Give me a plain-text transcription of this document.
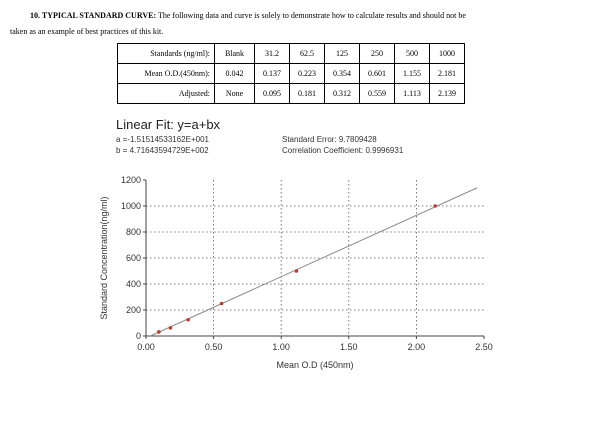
10. TYPICAL STANDARD CURVE: The following data and curve is solely to demonstrate how to calculate results and should not be
taken as an example of best practices of this kit.
Standards (ng/ml):	Blank	31.2	62.5	125	250	500	1000
Mean O.D.(450nm):	0.042	0.137	0.223	0.354	0.601	1.155	2.181
Adjusted:	None	0.095	0.181	0.312	0.559	1.113	2.139
Linear Fit: y=a+bx
a =-1.51514533162E+001
b = 4.71643594729E+002
Standard Error: 9.7809428
Correlation Coefficient: 0.9996931
0.00	0.50	1.00	1.50	2.00	2.50
0
200
400
600
800
1000
1200
Mean O.D (450nm)
Standard Concentration(ng/ml)
